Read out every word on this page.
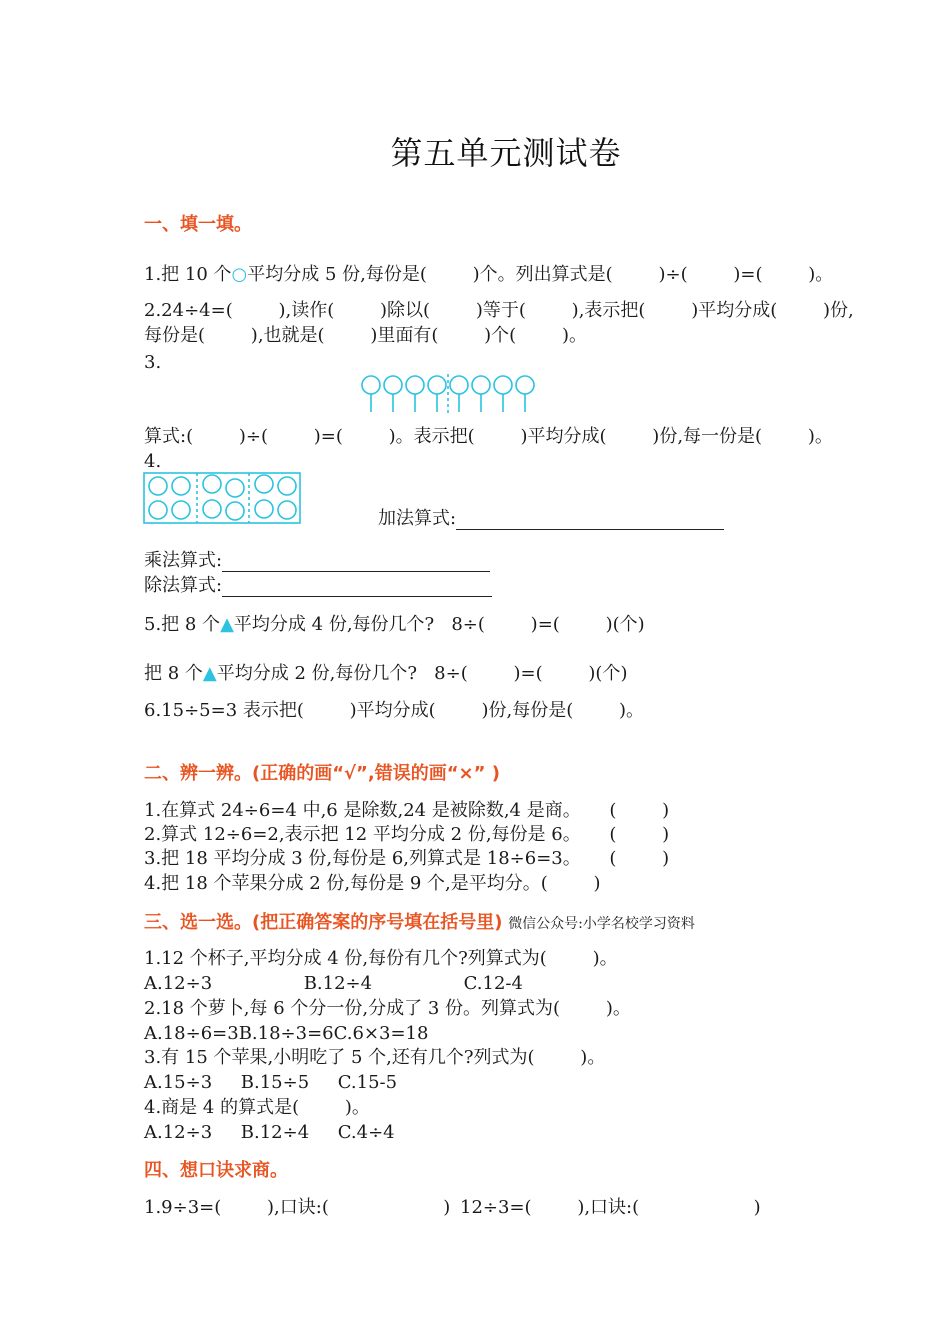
第五单元测试卷
一、填一填。
1.把 10 个○平均分成 5 份,每份是(        )个。列出算式是(        )÷(        )=(        )。
2.24÷4=(        ),读作(        )除以(        )等于(        ),表示把(        )平均分成(        )份,
每份是(        ),也就是(        )里面有(        )个(        )。
3.
算式:(        )÷(        )=(        )。表示把(        )平均分成(        )份,每一份是(        )。
4.
加法算式:
乘法算式:
除法算式:
5.把 8 个▲平均分成 4 份,每份几个?   8÷(        )=(        )(个)
把 8 个▲平均分成 2 份,每份几个?   8÷(        )=(        )(个)
6.15÷5=3 表示把(        )平均分成(        )份,每份是(        )。
二、辨一辨。(正确的画“√”,错误的画“×” )
1.在算式 24÷6=4 中,6 是除数,24 是被除数,4 是商。     (        )
2.算式 12÷6=2,表示把 12 平均分成 2 份,每份是 6。     (        )
3.把 18 平均分成 3 份,每份是 6,列算式是 18÷6=3。     (        )
4.把 18 个苹果分成 2 份,每份是 9 个,是平均分。(        )
三、选一选。(把正确答案的序号填在括号里) 微信公众号:小学名校学习资料
1.12 个杯子,平均分成 4 份,每份有几个?列算式为(        )。
A.12÷3                B.12÷4                C.12-4
2.18 个萝卜,每 6 个分一份,分成了 3 份。列算式为(        )。
A.18÷6=3B.18÷3=6C.6×3=18
3.有 15 个苹果,小明吃了 5 个,还有几个?列式为(        )。
A.15÷3     B.15÷5     C.15-5
4.商是 4 的算式是(        )。
A.12÷3     B.12÷4     C.4÷4
四、想口诀求商。
1.9÷3=(        ),口诀:(                    ) 12÷3=(        ),口诀:(                    )
